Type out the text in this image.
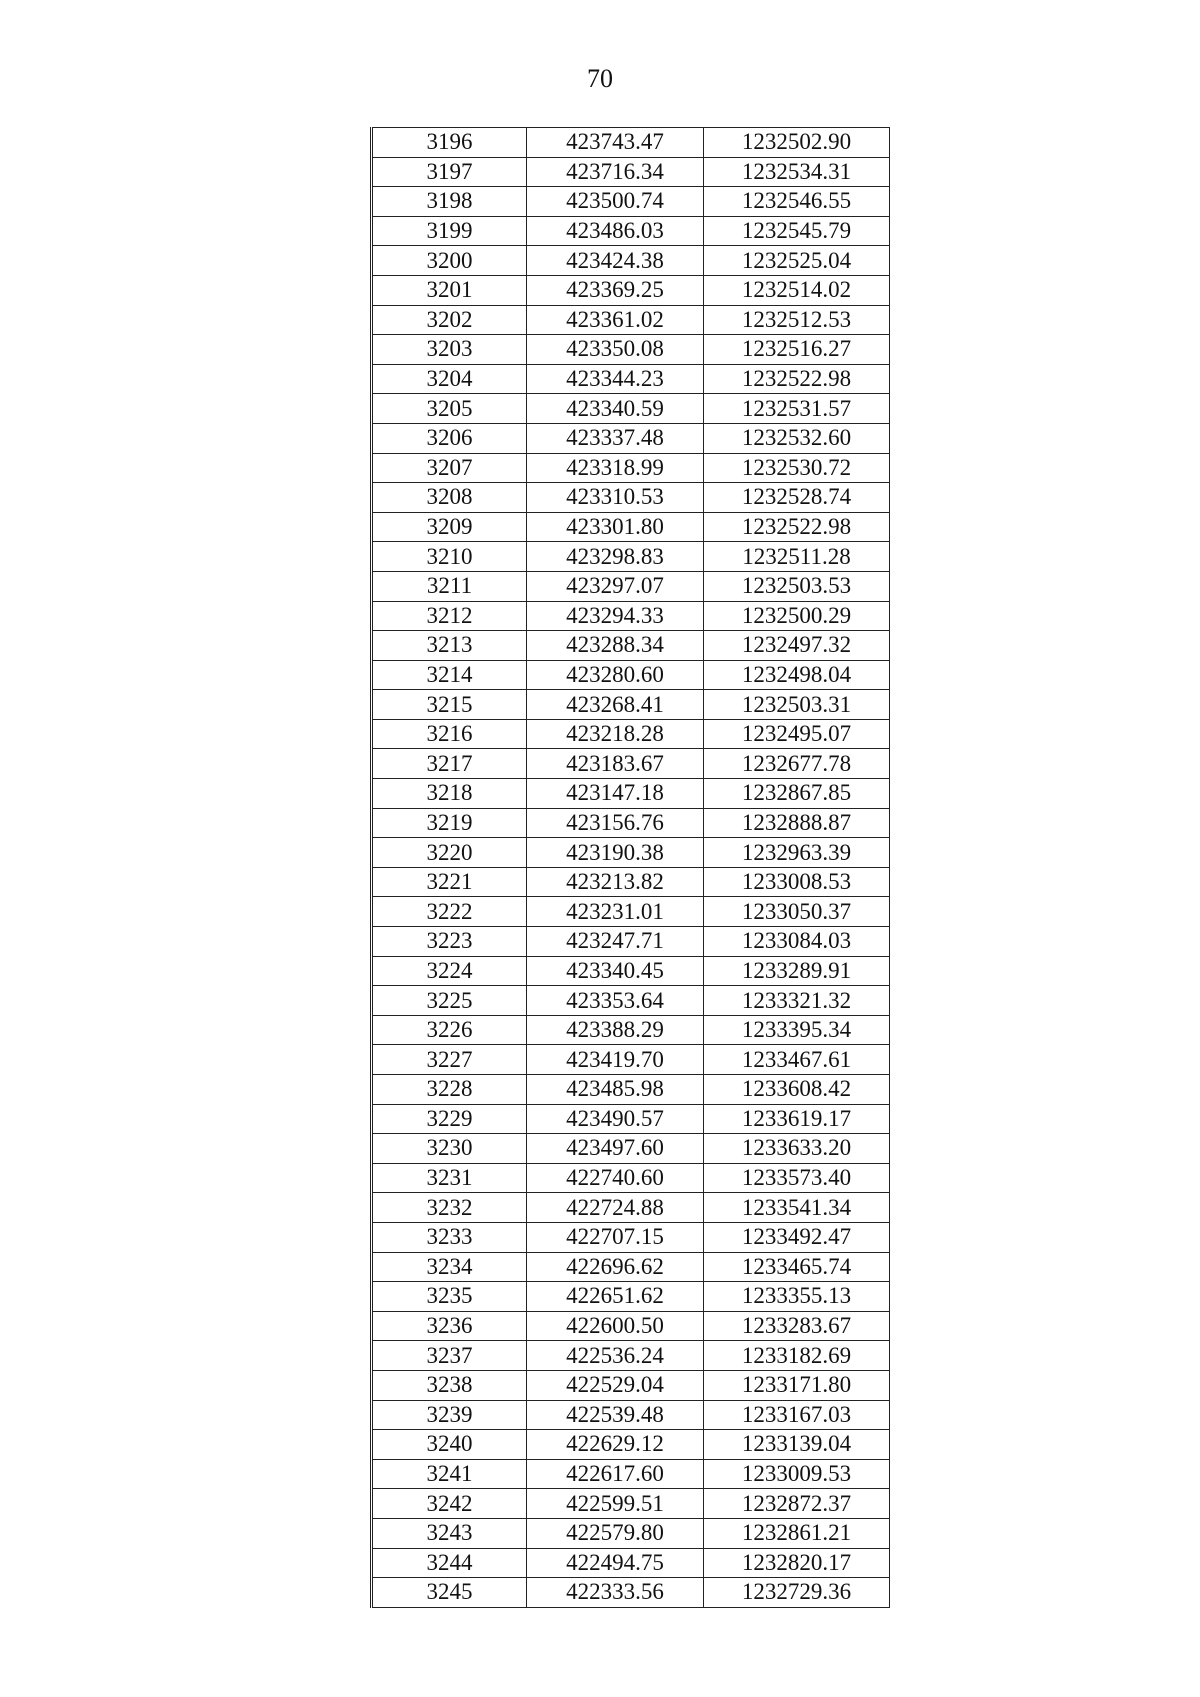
70
3196	423743.47	1232502.90
3197	423716.34	1232534.31
3198	423500.74	1232546.55
3199	423486.03	1232545.79
3200	423424.38	1232525.04
3201	423369.25	1232514.02
3202	423361.02	1232512.53
3203	423350.08	1232516.27
3204	423344.23	1232522.98
3205	423340.59	1232531.57
3206	423337.48	1232532.60
3207	423318.99	1232530.72
3208	423310.53	1232528.74
3209	423301.80	1232522.98
3210	423298.83	1232511.28
3211	423297.07	1232503.53
3212	423294.33	1232500.29
3213	423288.34	1232497.32
3214	423280.60	1232498.04
3215	423268.41	1232503.31
3216	423218.28	1232495.07
3217	423183.67	1232677.78
3218	423147.18	1232867.85
3219	423156.76	1232888.87
3220	423190.38	1232963.39
3221	423213.82	1233008.53
3222	423231.01	1233050.37
3223	423247.71	1233084.03
3224	423340.45	1233289.91
3225	423353.64	1233321.32
3226	423388.29	1233395.34
3227	423419.70	1233467.61
3228	423485.98	1233608.42
3229	423490.57	1233619.17
3230	423497.60	1233633.20
3231	422740.60	1233573.40
3232	422724.88	1233541.34
3233	422707.15	1233492.47
3234	422696.62	1233465.74
3235	422651.62	1233355.13
3236	422600.50	1233283.67
3237	422536.24	1233182.69
3238	422529.04	1233171.80
3239	422539.48	1233167.03
3240	422629.12	1233139.04
3241	422617.60	1233009.53
3242	422599.51	1232872.37
3243	422579.80	1232861.21
3244	422494.75	1232820.17
3245	422333.56	1232729.36
